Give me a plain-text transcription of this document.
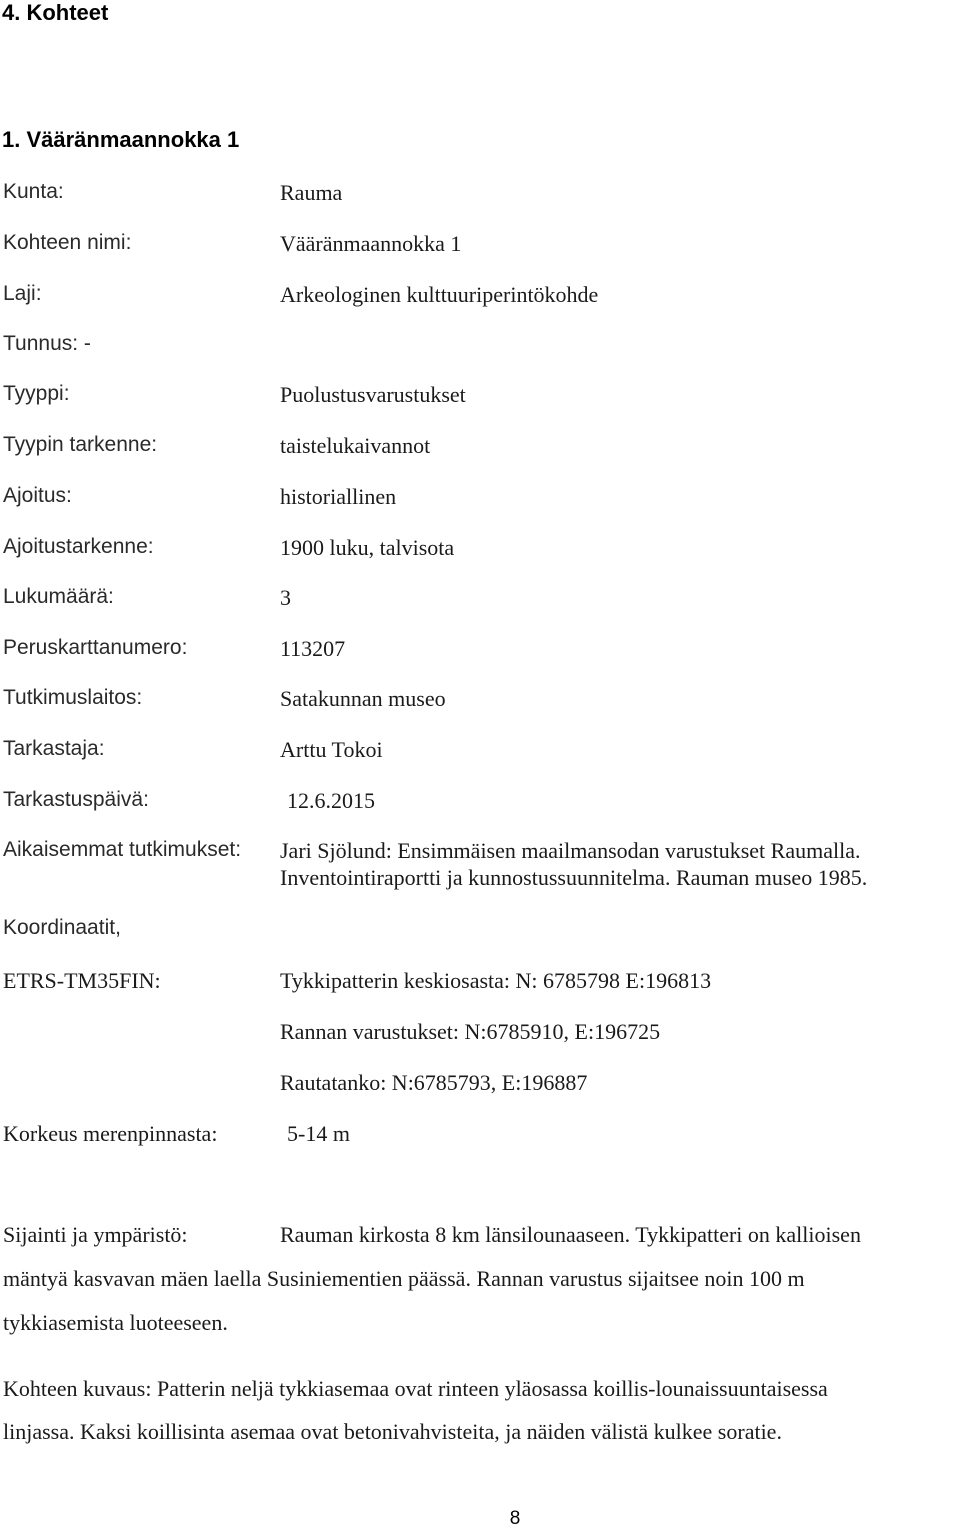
4. Kohteet
1. Vääränmaannokka 1
Kunta:	Rauma
Kohteen nimi:	Vääränmaannokka 1
Laji:	Arkeologinen kulttuuriperintökohde
Tunnus: -
Tyyppi:	Puolustusvarustukset
Tyypin tarkenne:	taistelukaivannot
Ajoitus:	historiallinen
Ajoitustarkenne:	1900 luku, talvisota
Lukumäärä:	3
Peruskarttanumero:	113207
Tutkimuslaitos:	Satakunnan museo
Tarkastaja:	Arttu Tokoi
Tarkastuspäivä:	12.6.2015
Aikaisemmat tutkimukset: Jari Sjölund: Ensimmäisen maailmansodan varustukset Raumalla.
Inventointiraportti ja kunnostussuunnitelma. Rauman museo 1985.
Koordinaatit,
ETRS-TM35FIN:	Tykkipatterin keskiosasta: N: 6785798 E:196813
Rannan varustukset: N:6785910, E:196725
Rautatanko: N:6785793, E:196887
Korkeus merenpinnasta:	5-14 m
Sijainti ja ympäristö:	Rauman kirkosta 8 km länsilounaaseen. Tykkipatteri on kallioisen
mäntyä kasvavan mäen laella Susiniementien päässä. Rannan varustus sijaitsee noin 100 m
tykkiasemista luoteeseen.
Kohteen kuvaus: Patterin neljä tykkiasemaa ovat rinteen yläosassa koillis-lounaissuuntaisessa
linjassa. Kaksi koillisinta asemaa ovat betonivahvisteita, ja näiden välistä kulkee soratie.
8
